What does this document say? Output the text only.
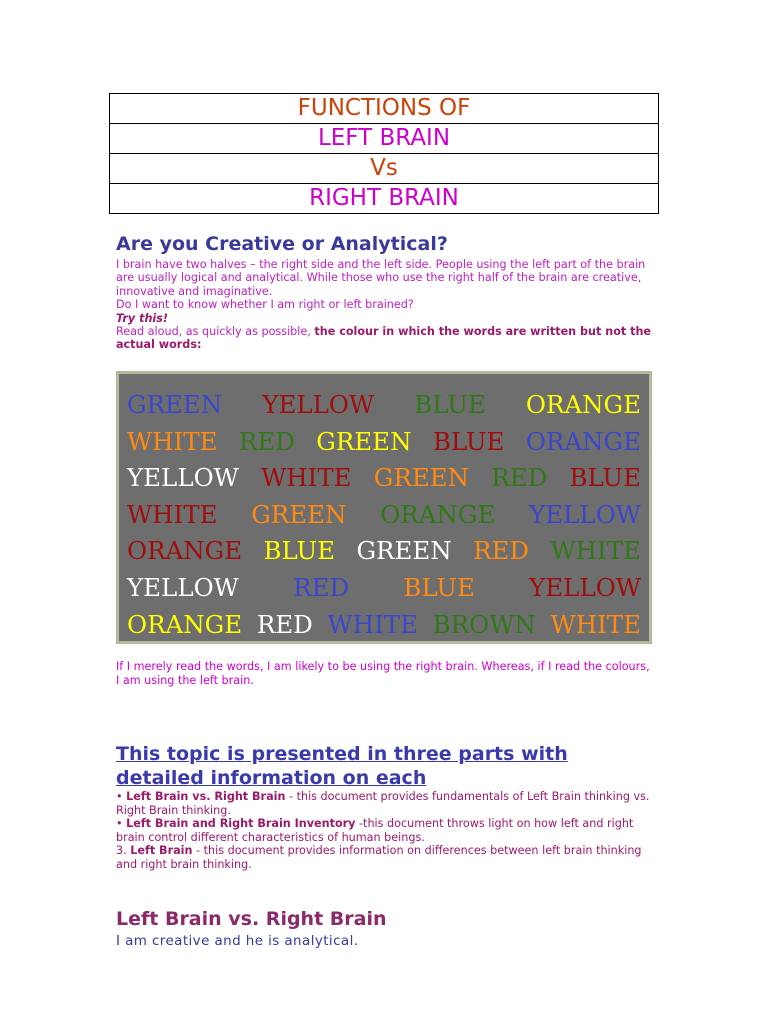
FUNCTIONS OF
LEFT BRAIN
Vs
RIGHT BRAIN
Are you Creative or Analytical?
I brain have two halves – the right side and the left side. People using the left part of the brain are usually logical and analytical. While those who use the right half of the brain are creative, innovative and imaginative.
Do I want to know whether I am right or left brained?
Try this!
Read aloud, as quickly as possible, the colour in which the words are written but not the actual words:
GREEN YELLOW BLUE ORANGE
WHITE RED GREEN BLUE ORANGE
YELLOW WHITE GREEN RED BLUE
WHITE GREEN ORANGE YELLOW
ORANGE BLUE GREEN RED WHITE
YELLOW RED BLUE YELLOW
ORANGE RED WHITE BROWN WHITE
If I merely read the words, I am likely to be using the right brain. Whereas, if I read the colours, I am using the left brain.
This topic is presented in three parts with detailed information on each
• Left Brain vs. Right Brain - this document provides fundamentals of Left Brain thinking vs. Right Brain thinking.
• Left Brain and Right Brain Inventory -this document throws light on how left and right brain control different characteristics of human beings.
3. Left Brain - this document provides information on differences between left brain thinking and right brain thinking.
Left Brain vs. Right Brain
I am creative and he is analytical.
